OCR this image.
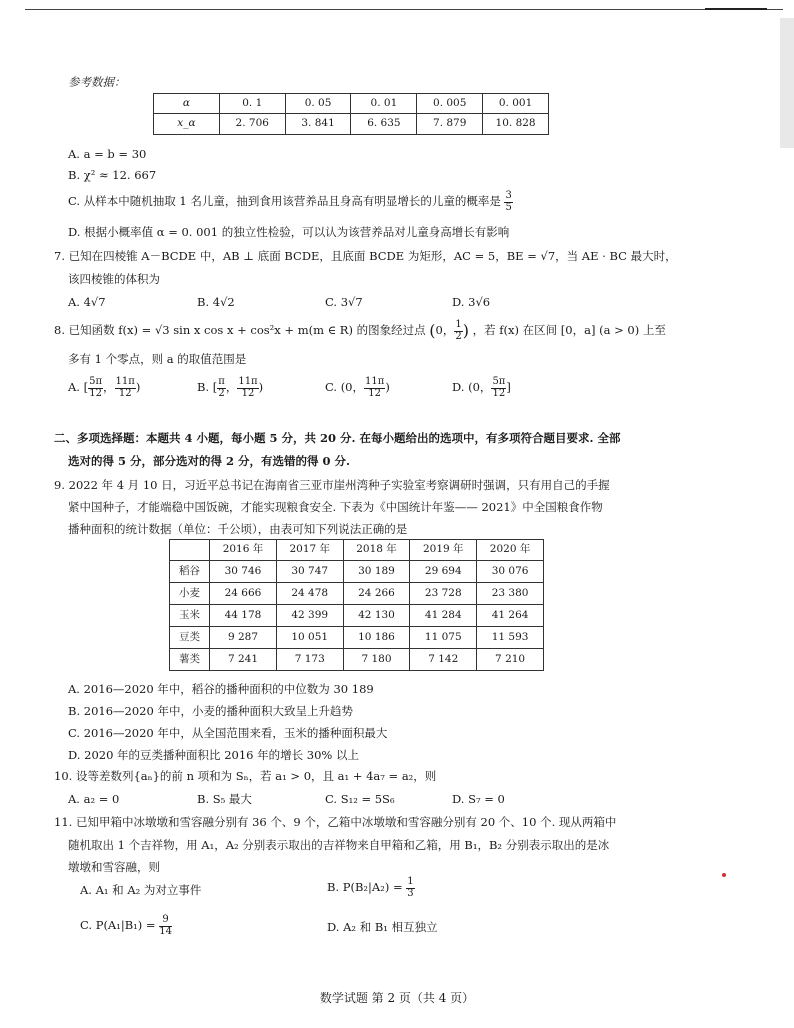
参考数据：
α	0. 1	0. 05	0. 01	0. 005	0. 001
x_α	2. 706	3. 841	6. 635	7. 879	10. 828
A. a = b = 30
B. χ² ≈ 12. 667
C. 从样本中随机抽取 1 名儿童，抽到食用该营养品且身高有明显增长的儿童的概率是 $\frac{3}{5}$
D. 根据小概率值 α = 0. 001 的独立性检验，可以认为该营养品对儿童身高增长有影响
7. 已知在四棱锥 A－BCDE 中，AB ⊥ 底面 BCDE，且底面 BCDE 为矩形，AC = 5，BE = √7，当 AE · BC 最大时，
该四棱锥的体积为
A. 4√7	B. 4√2	C. 3√7	D. 3√6
8. 已知函数 f(x) = √3 sin x cos x + cos²x + m(m ∈ R) 的图象经过点 (0， $\frac{1}{2}$ ) ，若 f(x) 在区间 [0，a] (a > 0) 上至
多有 1 个零点，则 a 的取值范围是
A. [ $\frac{5\pi}{12}$ ， $\frac{11\pi}{12}$ )	B. [ $\frac{\pi}{2}$ ， $\frac{11\pi}{12}$ )	C. (0， $\frac{11\pi}{12}$ )	D. (0， $\frac{5\pi}{12}$ ]
二、多项选择题：本题共 4 小题，每小题 5 分，共 20 分. 在每小题给出的选项中，有多项符合题目要求. 全部
选对的得 5 分，部分选对的得 2 分，有选错的得 0 分.
9. 2022 年 4 月 10 日，习近平总书记在海南省三亚市崖州湾种子实验室考察调研时强调，只有用自己的手握
紧中国种子，才能端稳中国饭碗，才能实现粮食安全. 下表为《中国统计年鉴—— 2021》中全国粮食作物
播种面积的统计数据（单位：千公顷），由表可知下列说法正确的是
	2016 年	2017 年	2018 年	2019 年	2020 年
稻谷	30 746	30 747	30 189	29 694	30 076
小麦	24 666	24 478	24 266	23 728	23 380
玉米	44 178	42 399	42 130	41 284	41 264
豆类	9 287	10 051	10 186	11 075	11 593
薯类	7 241	7 173	7 180	7 142	7 210
A. 2016—2020 年中，稻谷的播种面积的中位数为 30 189
B. 2016—2020 年中，小麦的播种面积大致呈上升趋势
C. 2016—2020 年中，从全国范围来看，玉米的播种面积最大
D. 2020 年的豆类播种面积比 2016 年的增长 30% 以上
10. 设等差数列{aₙ}的前 n 项和为 Sₙ，若 a₁ > 0，且 a₁ + 4a₇ = a₂，则
A. a₂ = 0	B. S₅ 最大	C. S₁₂ = 5S₆	D. S₇ = 0
11. 已知甲箱中冰墩墩和雪容融分别有 36 个、9 个，乙箱中冰墩墩和雪容融分别有 20 个、10 个. 现从两箱中
随机取出 1 个吉祥物，用 A₁，A₂ 分别表示取出的吉祥物来自甲箱和乙箱，用 B₁，B₂ 分别表示取出的是冰
墩墩和雪容融，则
A. A₁ 和 A₂ 为对立事件	B. $P(B_2|A_2) = \frac{1}{3}$
C. $P(A_1|B_1) = \frac{9}{14}$	D. A₂ 和 B₁ 相互独立
数学试题 第 2 页（共 4 页）
